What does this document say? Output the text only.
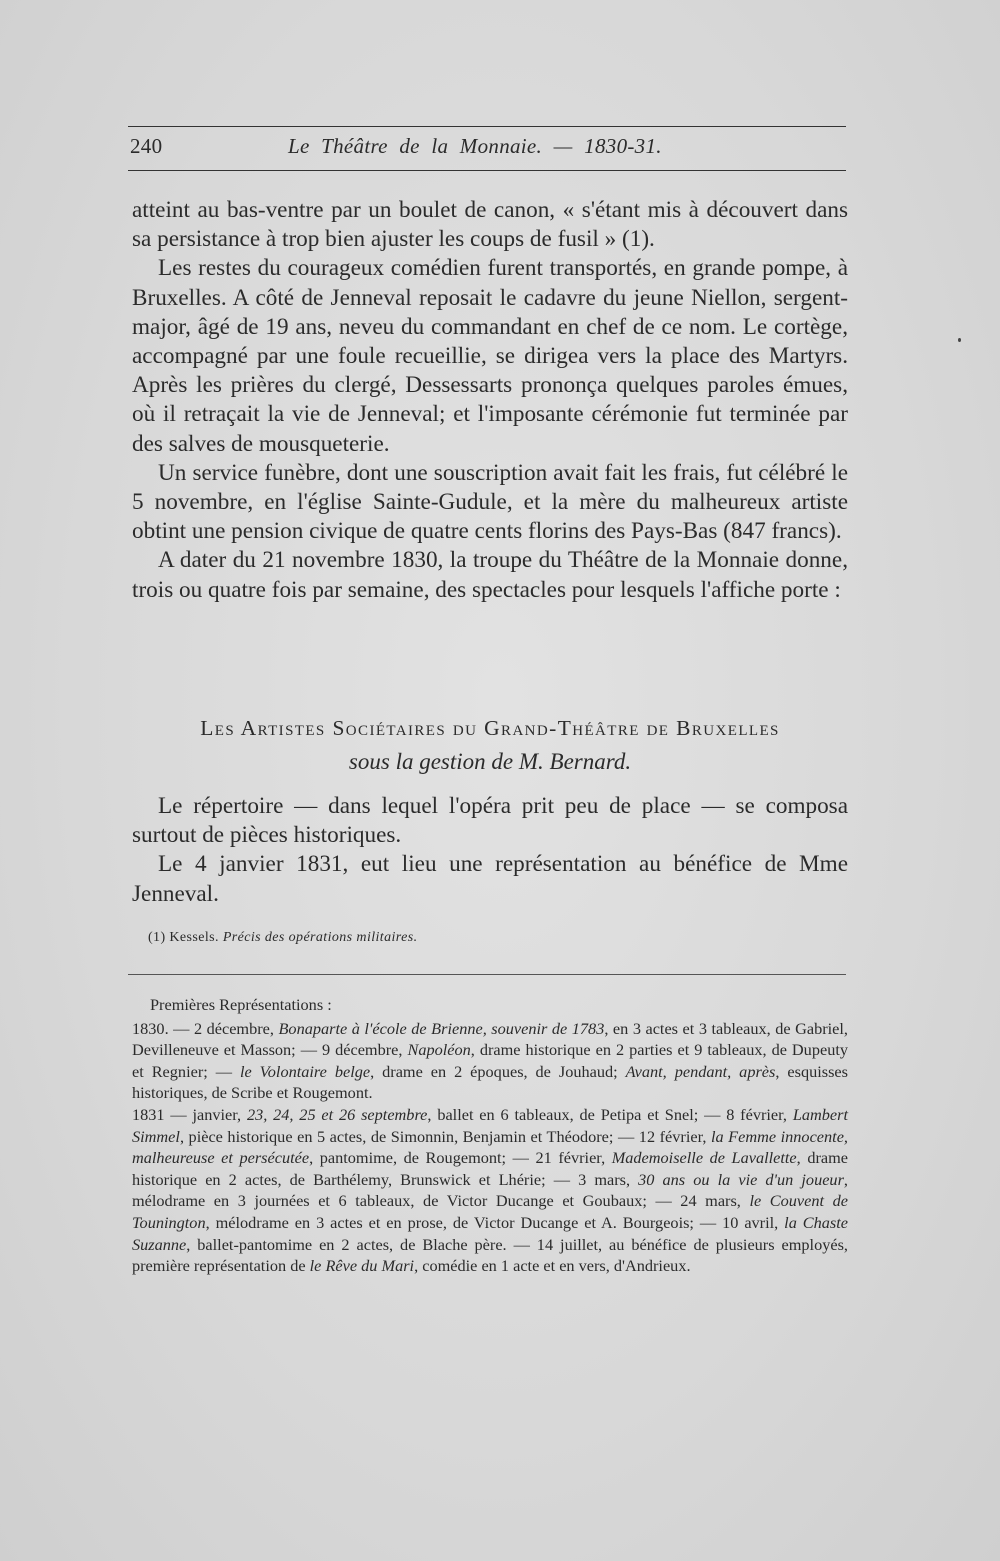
240	Le Théâtre de la Monnaie. — 1830-31.

atteint au bas-ventre par un boulet de canon, « s'étant mis à découvert dans sa persistance à trop bien ajuster les coups de fusil » (1).

Les restes du courageux comédien furent transportés, en grande pompe, à Bruxelles. A côté de Jenneval reposait le cadavre du jeune Niellon, sergent-major, âgé de 19 ans, neveu du commandant en chef de ce nom. Le cortège, accompagné par une foule recueillie, se dirigea vers la place des Martyrs. Après les prières du clergé, Dessessarts prononça quelques paroles émues, où il retraçait la vie de Jenneval; et l'imposante cérémonie fut terminée par des salves de mousqueterie.

Un service funèbre, dont une souscription avait fait les frais, fut célébré le 5 novembre, en l'église Sainte-Gudule, et la mère du malheureux artiste obtint une pension civique de quatre cents florins des Pays-Bas (847 francs).

A dater du 21 novembre 1830, la troupe du Théâtre de la Monnaie donne, trois ou quatre fois par semaine, des spectacles pour lesquels l'affiche porte :

Les Artistes Sociétaires du Grand-Théâtre de Bruxelles
sous la gestion de M. Bernard.

Le répertoire — dans lequel l'opéra prit peu de place — se composa surtout de pièces historiques.

Le 4 janvier 1831, eut lieu une représentation au bénéfice de Mme Jenneval.

(1) Kessels. Précis des opérations militaires.
Premières Représentations :

1830. — 2 décembre, Bonaparte à l'école de Brienne, souvenir de 1783, en 3 actes et 3 tableaux, de Gabriel, Devilleneuve et Masson; — 9 décembre, Napoléon, drame historique en 2 parties et 9 tableaux, de Dupeuty et Regnier; — le Volontaire belge, drame en 2 époques, de Jouhaud; Avant, pendant, après, esquisses historiques, de Scribe et Rougemont.

1831 — janvier, 23, 24, 25 et 26 septembre, ballet en 6 tableaux, de Petipa et Snel; — 8 février, Lambert Simmel, pièce historique en 5 actes, de Simonnin, Benjamin et Théodore; — 12 février, la Femme innocente, malheureuse et persécutée, pantomime, de Rougemont; — 21 février, Mademoiselle de Lavallette, drame historique en 2 actes, de Barthélemy, Brunswick et Lhérie; — 3 mars, 30 ans ou la vie d'un joueur, mélodrame en 3 journées et 6 tableaux, de Victor Ducange et Goubaux; — 24 mars, le Couvent de Tounington, mélodrame en 3 actes et en prose, de Victor Ducange et A. Bourgeois; — 10 avril, la Chaste Suzanne, ballet-pantomime en 2 actes, de Blache père. — 14 juillet, au bénéfice de plusieurs employés, première représentation de le Rêve du Mari, comédie en 1 acte et en vers, d'Andrieux.
